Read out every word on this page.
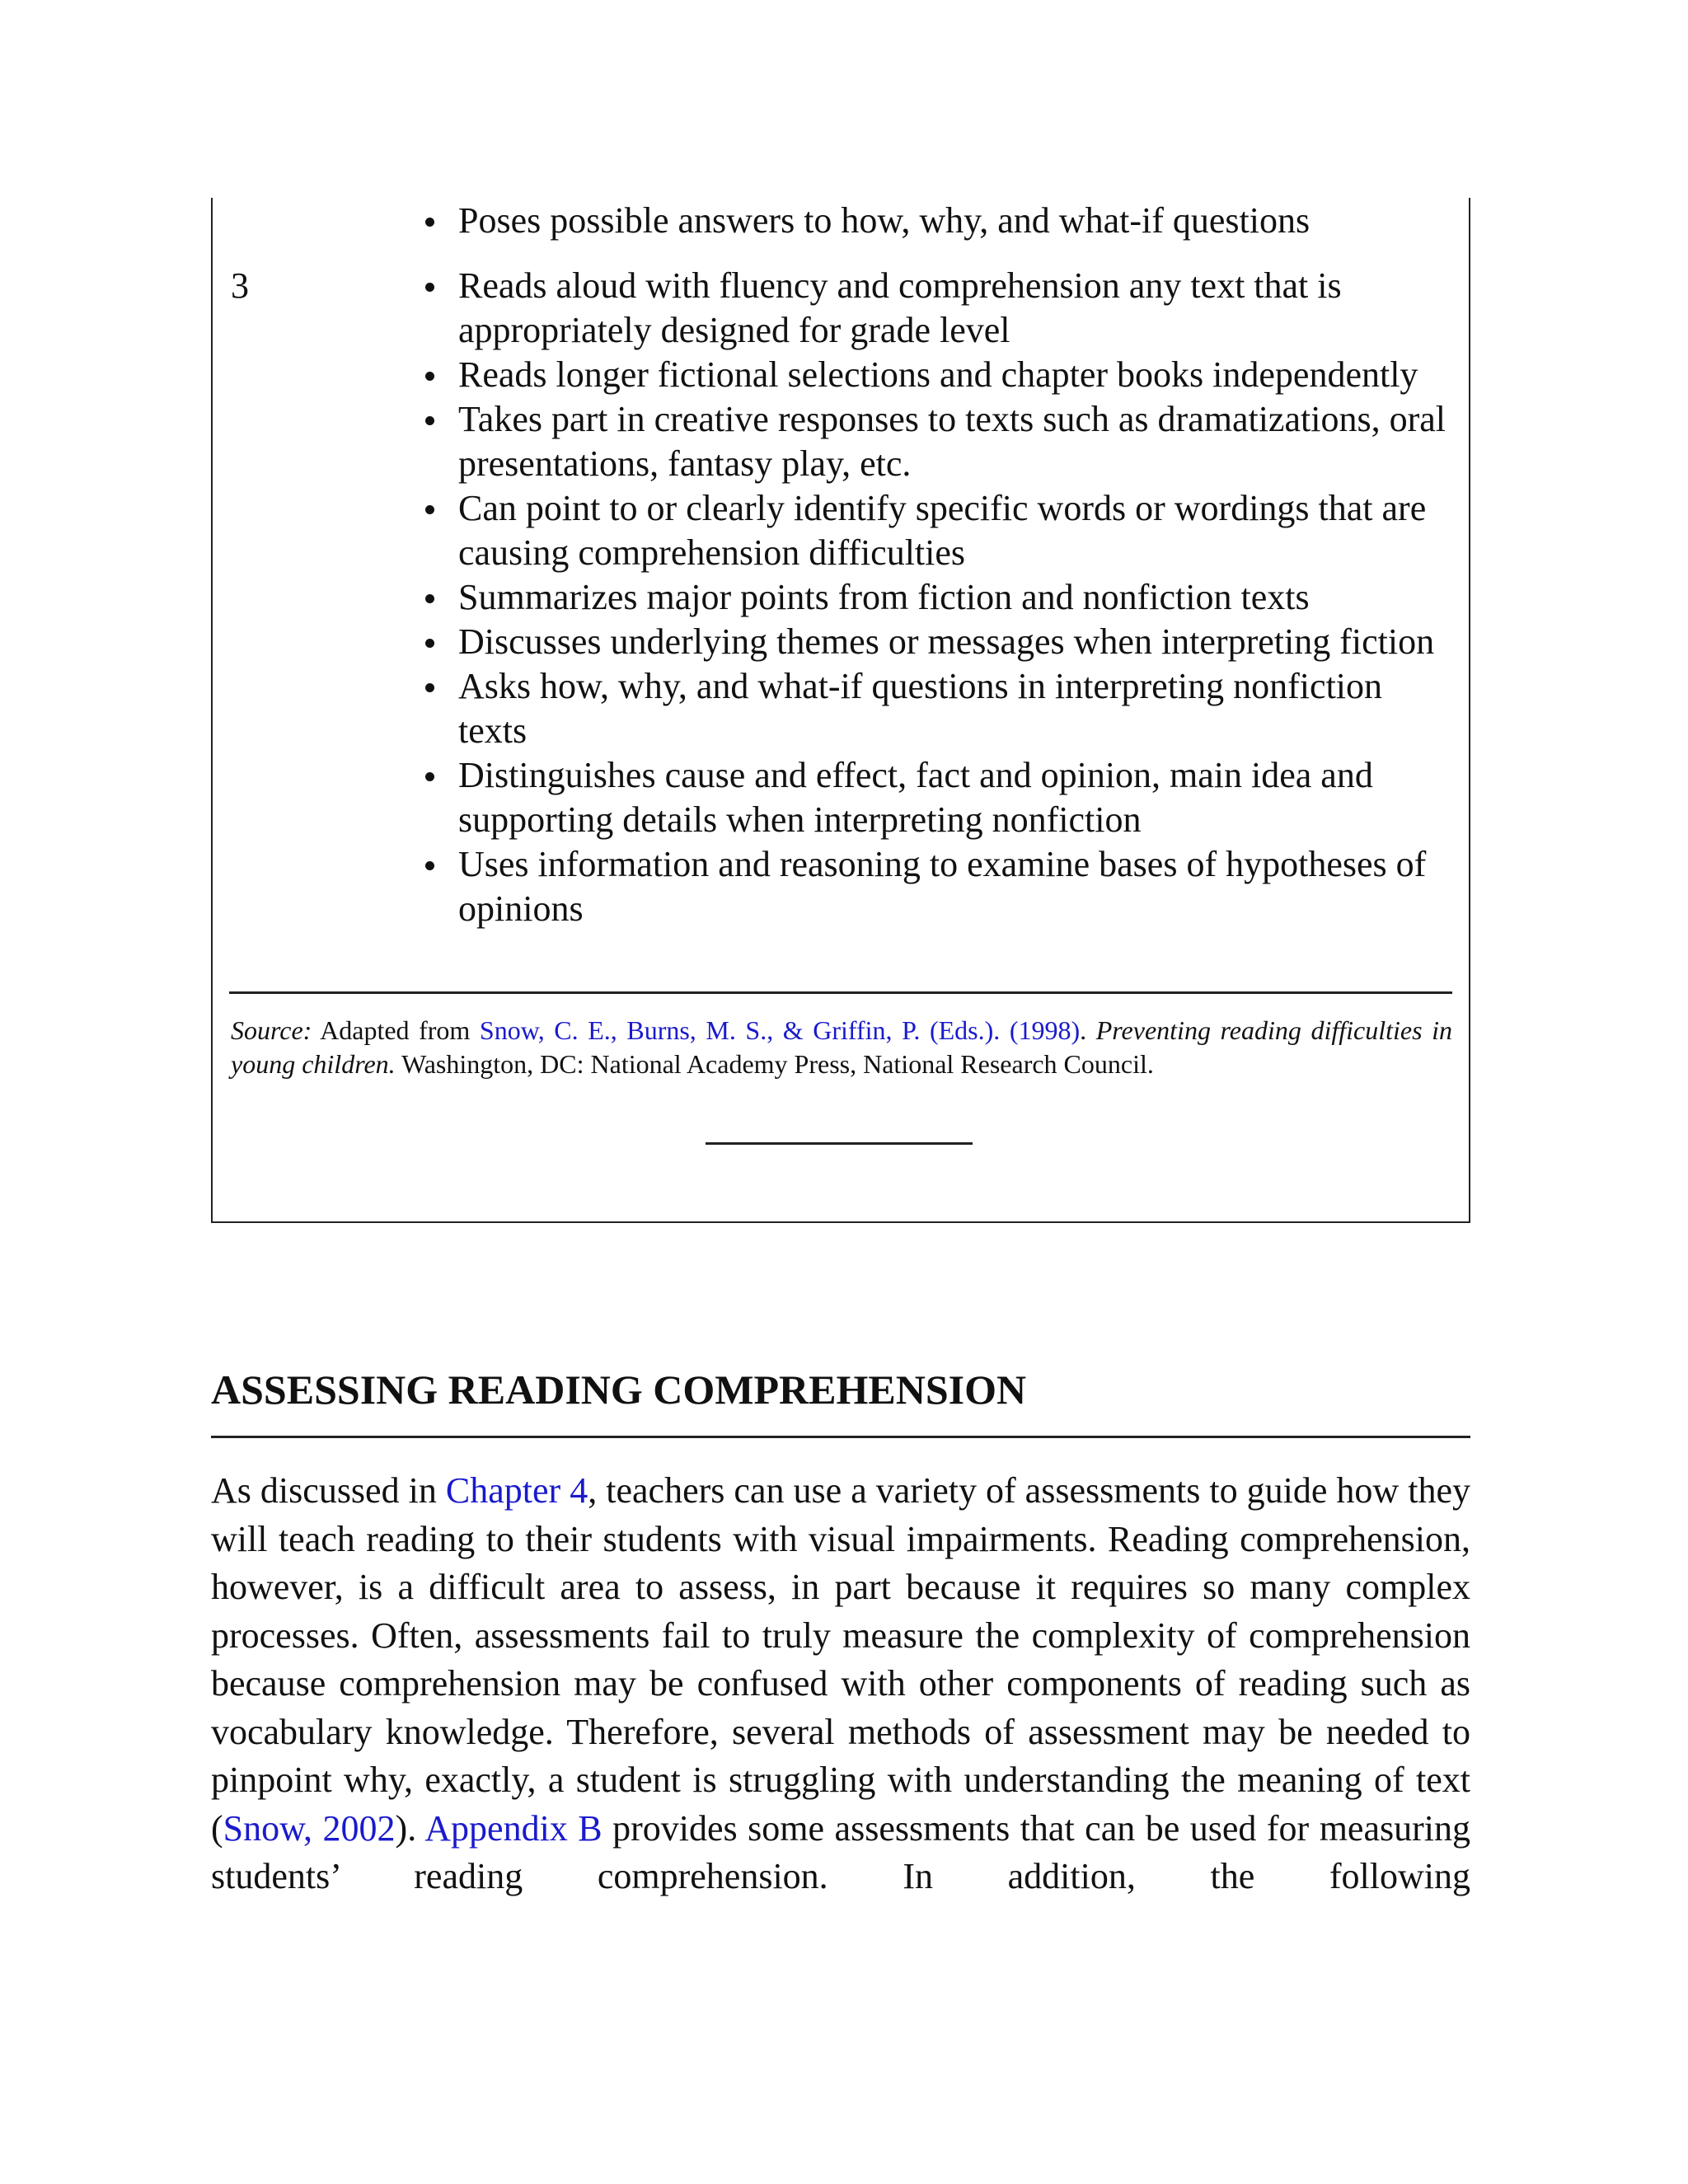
Poses possible answers to how, why, and what-if questions
3	Reads aloud with fluency and comprehension any text that is appropriately designed for grade level
Reads longer fictional selections and chapter books independently
Takes part in creative responses to texts such as dramatizations, oral presentations, fantasy play, etc.
Can point to or clearly identify specific words or wordings that are causing comprehension difficulties
Summarizes major points from fiction and nonfiction texts
Discusses underlying themes or messages when interpreting fiction
Asks how, why, and what-if questions in interpreting nonfiction texts
Distinguishes cause and effect, fact and opinion, main idea and supporting details when interpreting nonfiction
Uses information and reasoning to examine bases of hypotheses of opinions
Source: Adapted from Snow, C. E., Burns, M. S., & Griffin, P. (Eds.). (1998). Preventing reading difficulties in young children. Washington, DC: National Academy Press, National Research Council.
ASSESSING READING COMPREHENSION

As discussed in Chapter 4, teachers can use a variety of assessments to guide how they will teach reading to their students with visual impairments. Reading comprehension, however, is a difficult area to assess, in part because it requires so many complex processes. Often, assessments fail to truly measure the complexity of comprehension because comprehension may be confused with other components of reading such as vocabulary knowledge. Therefore, several methods of assessment may be needed to pinpoint why, exactly, a student is struggling with understanding the meaning of text (Snow, 2002). Appendix B provides some assessments that can be used for measuring students’ reading comprehension. In addition, the following
